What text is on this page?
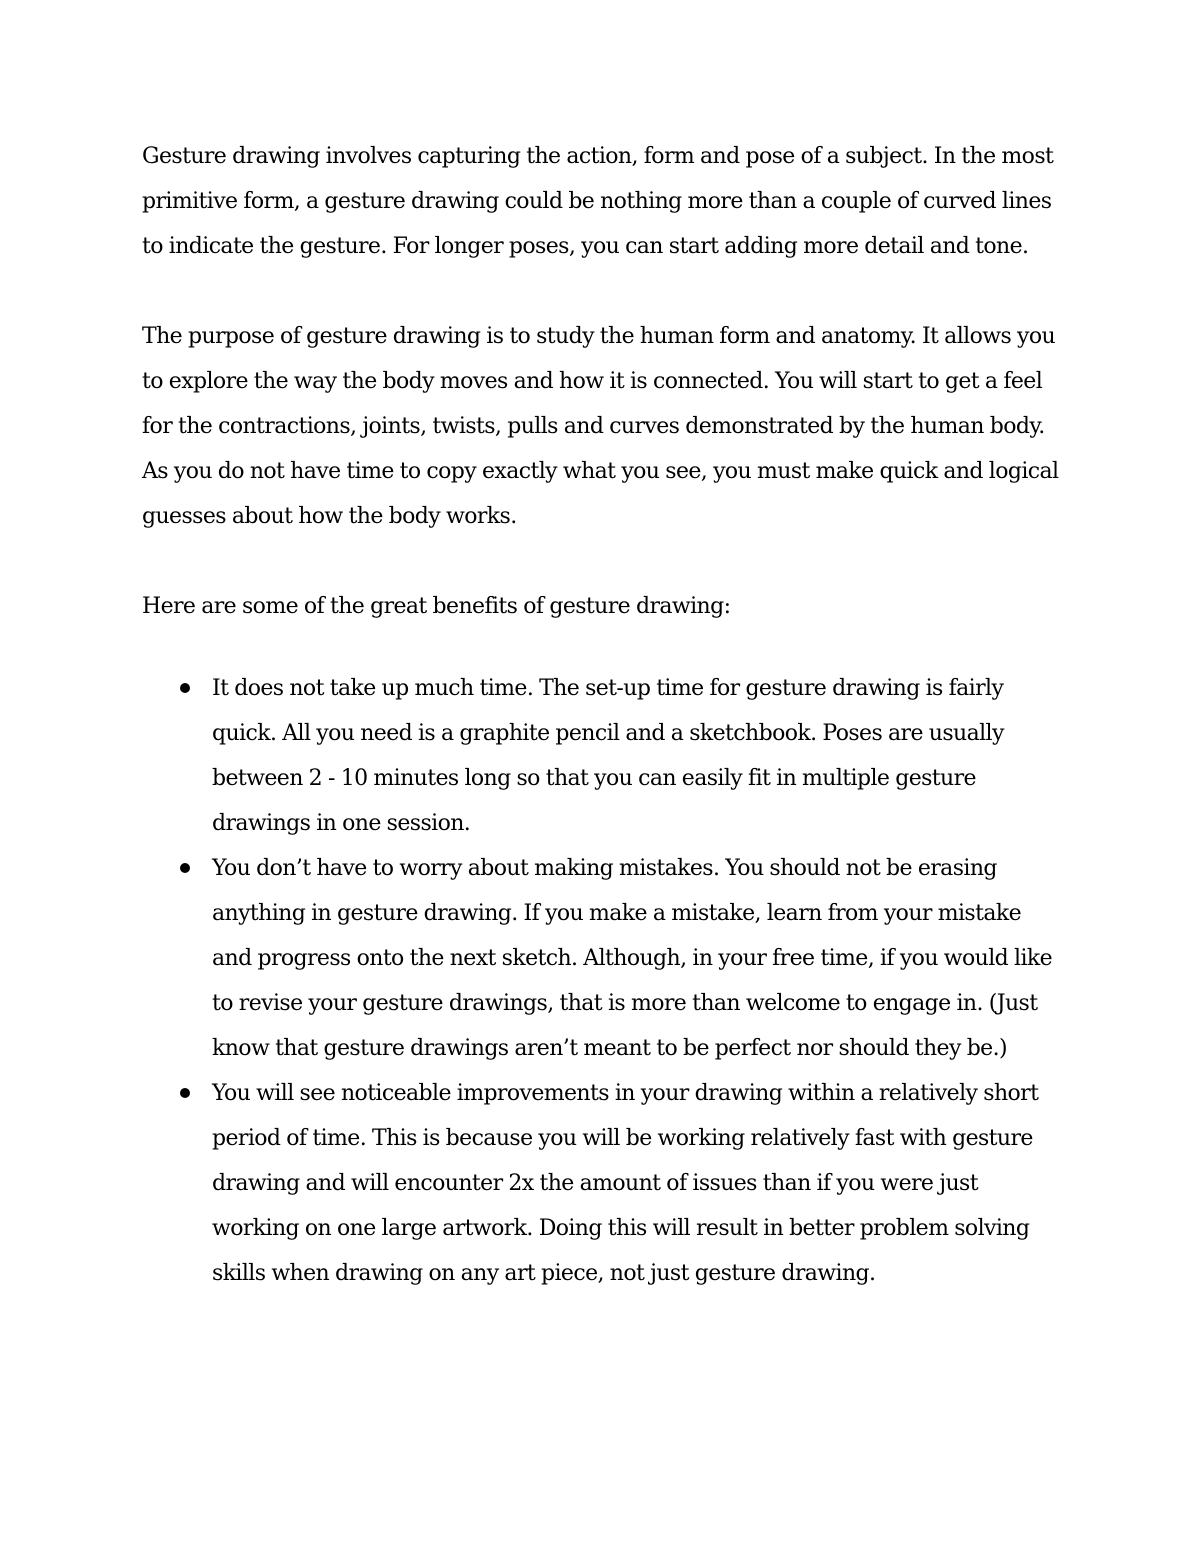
Gesture drawing involves capturing the action, form and pose of a subject. In the most primitive form, a gesture drawing could be nothing more than a couple of curved lines to indicate the gesture. For longer poses, you can start adding more detail and tone.

The purpose of gesture drawing is to study the human form and anatomy. It allows you to explore the way the body moves and how it is connected. You will start to get a feel for the contractions, joints, twists, pulls and curves demonstrated by the human body. As you do not have time to copy exactly what you see, you must make quick and logical guesses about how the body works.

Here are some of the great benefits of gesture drawing:

It does not take up much time. The set-up time for gesture drawing is fairly quick. All you need is a graphite pencil and a sketchbook. Poses are usually between 2 - 10 minutes long so that you can easily fit in multiple gesture drawings in one session.
You don’t have to worry about making mistakes. You should not be erasing anything in gesture drawing. If you make a mistake, learn from your mistake and progress onto the next sketch. Although, in your free time, if you would like to revise your gesture drawings, that is more than welcome to engage in. (Just know that gesture drawings aren’t meant to be perfect nor should they be.)
You will see noticeable improvements in your drawing within a relatively short period of time. This is because you will be working relatively fast with gesture drawing and will encounter 2x the amount of issues than if you were just working on one large artwork. Doing this will result in better problem solving skills when drawing on any art piece, not just gesture drawing.
